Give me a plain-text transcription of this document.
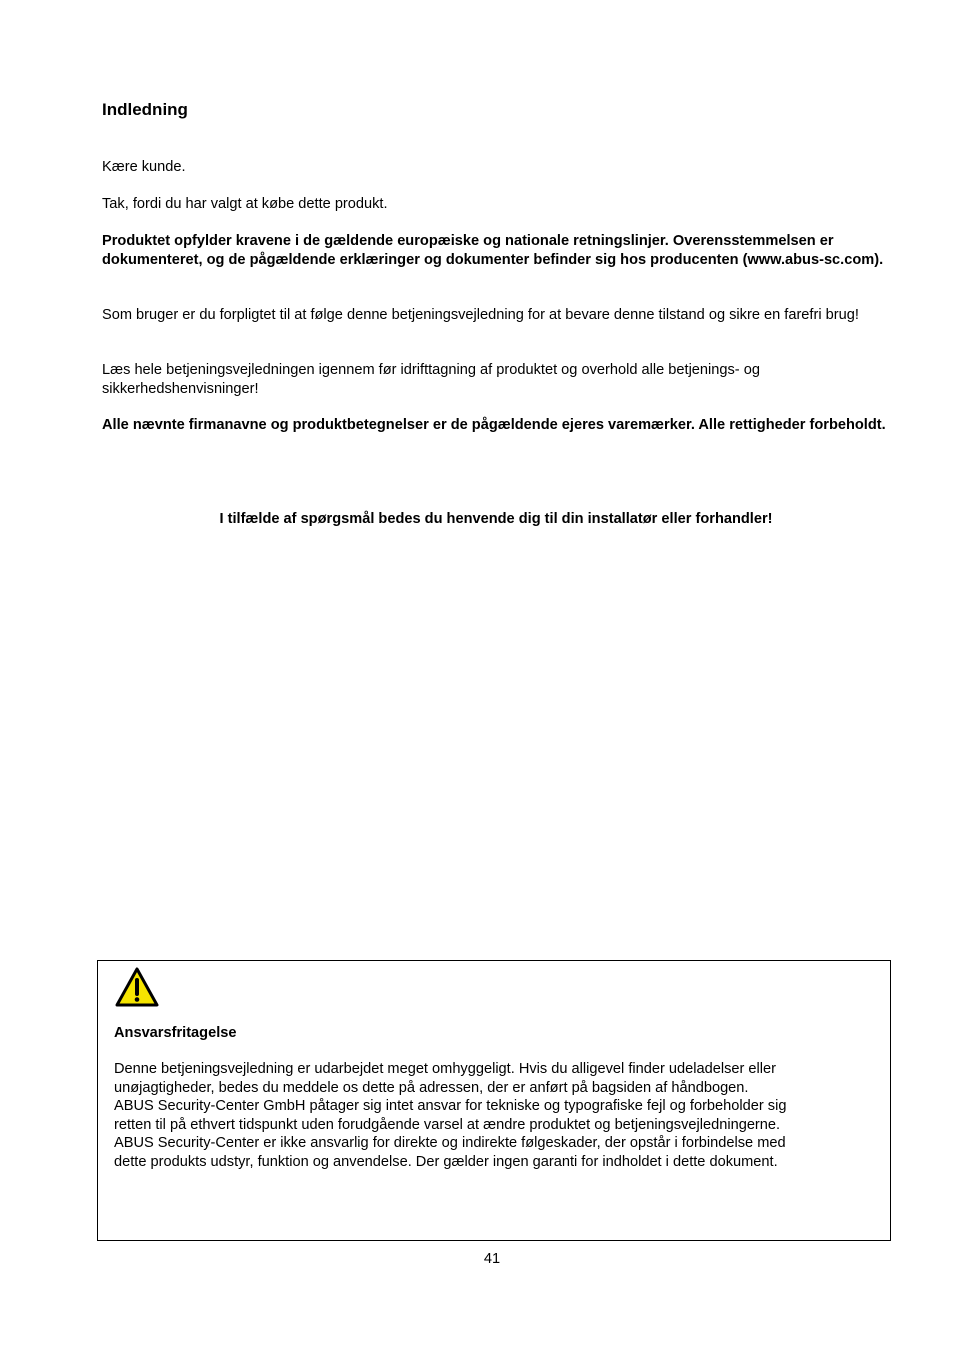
Indledning

Kære kunde.

Tak, fordi du har valgt at købe dette produkt.

Produktet opfylder kravene i de gældende europæiske og nationale retningslinjer. Overensstemmelsen er dokumenteret, og de pågældende erklæringer og dokumenter befinder sig hos producenten (www.abus-sc.com).

Som bruger er du forpligtet til at følge denne betjeningsvejledning for at bevare denne tilstand og sikre en farefri brug!

Læs hele betjeningsvejledningen igennem før idrifttagning af produktet og overhold alle betjenings- og sikkerhedshenvisninger!

Alle nævnte firmanavne og produktbetegnelser er de pågældende ejeres varemærker. Alle rettigheder forbeholdt.

I tilfælde af spørgsmål bedes du henvende dig til din installatør eller forhandler!
Ansvarsfritagelse
Denne betjeningsvejledning er udarbejdet meget omhyggeligt. Hvis du alligevel finder udeladelser eller
unøjagtigheder, bedes du meddele os dette på adressen, der er anført på bagsiden af håndbogen.
ABUS Security-Center GmbH påtager sig intet ansvar for tekniske og typografiske fejl og forbeholder sig
retten til på ethvert tidspunkt uden forudgående varsel at ændre produktet og betjeningsvejledningerne.
ABUS Security-Center er ikke ansvarlig for direkte og indirekte følgeskader, der opstår i forbindelse med
dette produkts udstyr, funktion og anvendelse. Der gælder ingen garanti for indholdet i dette dokument.
41
